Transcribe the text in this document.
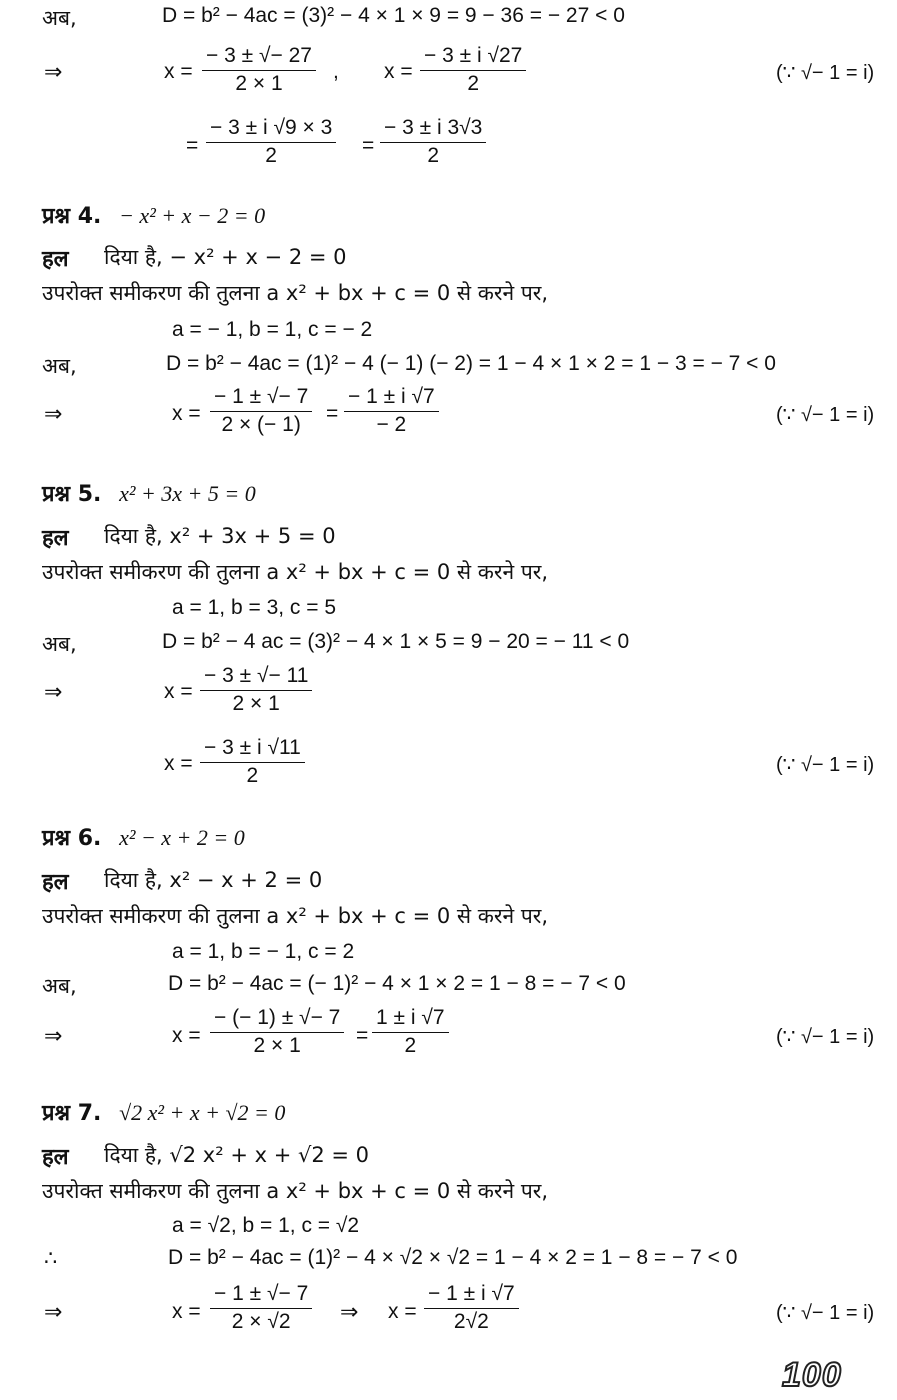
अब,	D = b² − 4ac = (3)² − 4 × 1 × 9 = 9 − 36 = − 27 < 0
⇒	$x = \frac{- 3 \pm √- 27}{2 \times 1}$ , $x = \frac{- 3 \pm i √27}{2}$	(∵ √− 1 = i)
= $\frac{- 3 \pm i √9 \times 3}{2} = \frac{- 3 \pm i 3√3}{2}$
प्रश्न 4. − x² + x − 2 = 0
हल दिया है, − x² + x − 2 = 0
उपरोक्त समीकरण की तुलना a x² + bx + c = 0 से करने पर,
a = − 1, b = 1, c = − 2
अब,	D = b² − 4ac = (1)² − 4 (− 1) (− 2) = 1 − 4 × 1 × 2 = 1 − 3 = − 7 < 0
⇒	$x = \frac{- 1 \pm √- 7}{2 \times (- 1)} = \frac{- 1 \pm i √7}{- 2}$	(∵ √− 1 = i)
प्रश्न 5. x² + 3x + 5 = 0
हल दिया है, x² + 3x + 5 = 0
उपरोक्त समीकरण की तुलना a x² + bx + c = 0 से करने पर,
a = 1, b = 3, c = 5
अब,	D = b² − 4 ac = (3)² − 4 × 1 × 5 = 9 − 20 = − 11 < 0
⇒	$x = \frac{- 3 \pm √- 11}{2 \times 1}$
$x = \frac{- 3 \pm i √11}{2}$	(∵ √− 1 = i)
प्रश्न 6. x² − x + 2 = 0
हल दिया है, x² − x + 2 = 0
उपरोक्त समीकरण की तुलना a x² + bx + c = 0 से करने पर,
a = 1, b = − 1, c = 2
अब,	D = b² − 4ac = (− 1)² − 4 × 1 × 2 = 1 − 8 = − 7 < 0
⇒	$x = \frac{- (- 1) \pm √- 7}{2 \times 1} = \frac{1 \pm i √7}{2}$	(∵ √− 1 = i)
प्रश्न 7. √2 x² + x + √2 = 0
हल दिया है, √2 x² + x + √2 = 0
उपरोक्त समीकरण की तुलना a x² + bx + c = 0 से करने पर,
a = √2, b = 1, c = √2
∴	D = b² − 4ac = (1)² − 4 × √2 × √2 = 1 − 4 × 2 = 1 − 8 = − 7 < 0
⇒	$x = \frac{- 1 \pm √- 7}{2 \times √2}$ ⇒ $x = \frac{- 1 \pm i √7}{2√2}$	(∵ √− 1 = i)
100
